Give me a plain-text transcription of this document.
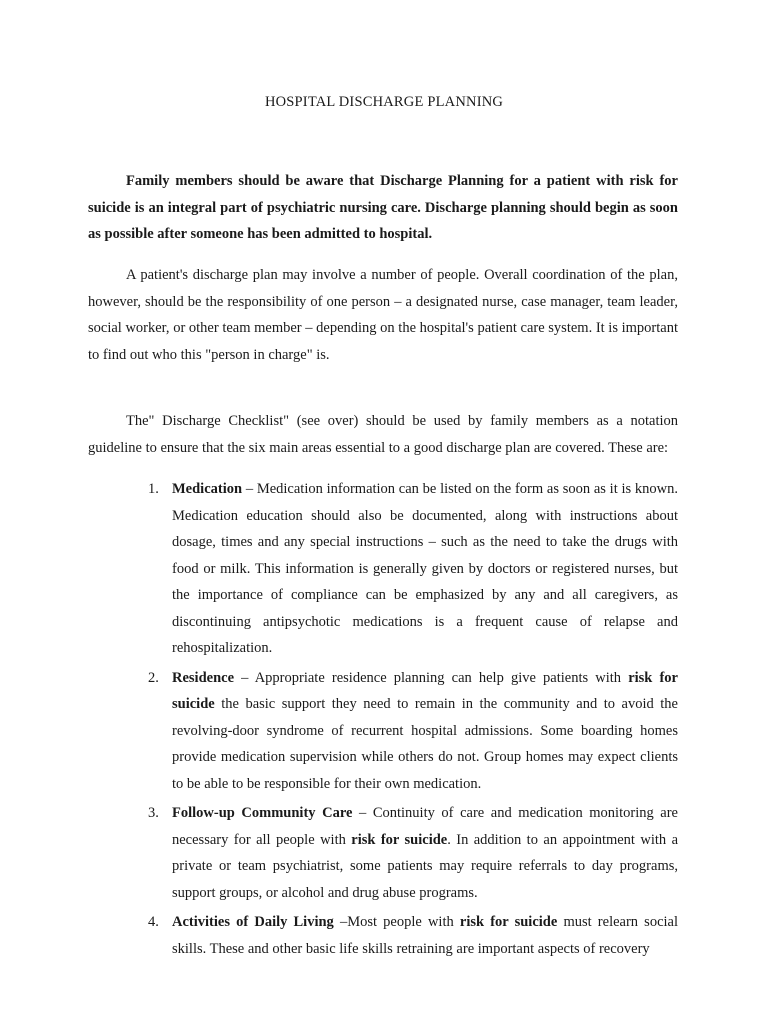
HOSPITAL DISCHARGE PLANNING

Family members should be aware that Discharge Planning for a patient with risk for suicide is an integral part of psychiatric nursing care. Discharge planning should begin as soon as possible after someone has been admitted to hospital.

A patient's discharge plan may involve a number of people. Overall coordination of the plan, however, should be the responsibility of one person – a designated nurse, case manager, team leader, social worker, or other team member – depending on the hospital's patient care system. It is important to find out who this "person in charge" is.

The" Discharge Checklist" (see over) should be used by family members as a notation guideline to ensure that the six main areas essential to a good discharge plan are covered. These are:

1. Medication – Medication information can be listed on the form as soon as it is known. Medication education should also be documented, along with instructions about dosage, times and any special instructions – such as the need to take the drugs with food or milk. This information is generally given by doctors or registered nurses, but the importance of compliance can be emphasized by any and all caregivers, as discontinuing antipsychotic medications is a frequent cause of relapse and rehospitalization.
2. Residence – Appropriate residence planning can help give patients with risk for suicide the basic support they need to remain in the community and to avoid the revolving-door syndrome of recurrent hospital admissions. Some boarding homes provide medication supervision while others do not. Group homes may expect clients to be able to be responsible for their own medication.
3. Follow-up Community Care – Continuity of care and medication monitoring are necessary for all people with risk for suicide. In addition to an appointment with a private or team psychiatrist, some patients may require referrals to day programs, support groups, or alcohol and drug abuse programs.
4. Activities of Daily Living –Most people with risk for suicide must relearn social skills. These and other basic life skills retraining are important aspects of recovery
